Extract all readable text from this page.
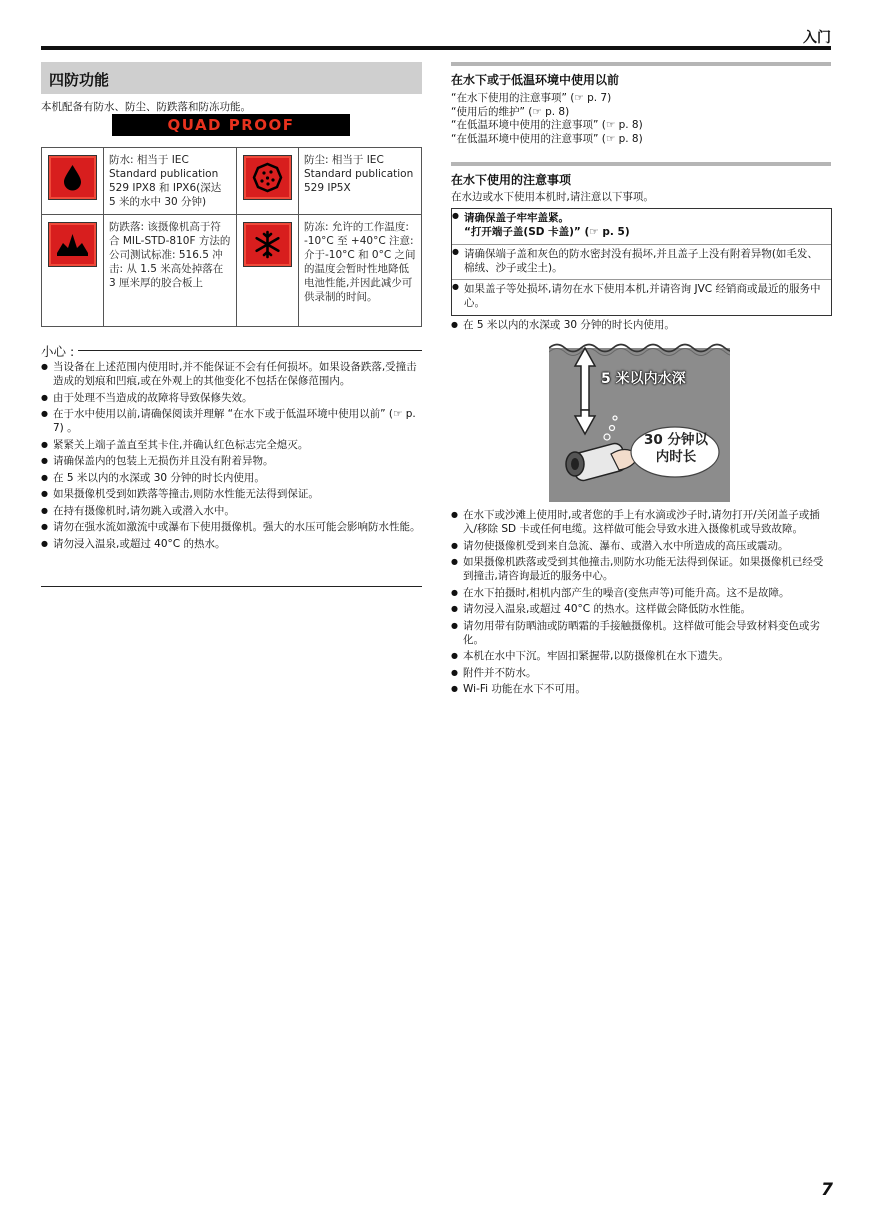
入门
四防功能
本机配备有防水、防尘、防跌落和防冻功能。
QUAD PROOF
	防水: 相当于 IEC Standard publication 529 IPX8 和 IPX6(深达 5 米的水中 30 分钟)		防尘: 相当于 IEC Standard publication 529 IP5X

	防跌落: 该摄像机高于符合 MIL-STD-810F 方法的公司测试标准: 516.5 冲击: 从 1.5 米高处掉落在 3 厘米厚的胶合板上		防冻: 允许的工作温度: -10°C 至 +40°C 注意: 介于-10°C 和 0°C 之间的温度会暂时性地降低电池性能,并因此减少可供录制的时间。
小心 :
● 当设备在上述范围内使用时,并不能保证不会有任何损坏。如果设备跌落,受撞击造成的划痕和凹痕,或在外观上的其他变化不包括在保修范围内。
● 由于处理不当造成的故障将导致保修失效。
● 在于水中使用以前,请确保阅读并理解 “在水下或于低温环境中使用以前” (☞ p. 7) 。
● 紧紧关上端子盖直至其卡住,并确认红色标志完全熄灭。
● 请确保盖内的包装上无损伤并且没有附着异物。
● 在 5 米以内的水深或 30 分钟的时长内使用。
● 如果摄像机受到如跌落等撞击,则防水性能无法得到保证。
● 在持有摄像机时,请勿跳入或潜入水中。
● 请勿在强水流如激流中或瀑布下使用摄像机。强大的水压可能会影响防水性能。
● 请勿浸入温泉,或超过 40°C 的热水。
在水下或于低温环境中使用以前
“在水下使用的注意事项” (☞ p. 7)
“使用后的维护” (☞ p. 8)
“在低温环境中使用的注意事项” (☞ p. 8)
“在低温环境中使用的注意事项” (☞ p. 8)
在水下使用的注意事项
在水边或水下使用本机时,请注意以下事项。
● 请确保盖子牢牢盖紧。
“打开端子盖(SD 卡盖)” (☞ p. 5)
● 请确保端子盖和灰色的防水密封没有损坏,并且盖子上没有附着异物(如毛发、棉绒、沙子或尘土)。
● 如果盖子等处损坏,请勿在水下使用本机,并请咨询 JVC 经销商或最近的服务中心。
● 在 5 米以内的水深或 30 分钟的时长内使用。
5 米以内水深
30 分钟以
内时长
● 在水下或沙滩上使用时,或者您的手上有水滴或沙子时,请勿打开/关闭盖子或插入/移除 SD 卡或任何电缆。这样做可能会导致水进入摄像机或导致故障。
● 请勿使摄像机受到来自急流、瀑布、或潜入水中所造成的高压或震动。
● 如果摄像机跌落或受到其他撞击,则防水功能无法得到保证。如果摄像机已经受到撞击,请咨询最近的服务中心。
● 在水下拍摄时,相机内部产生的噪音(变焦声等)可能升高。这不是故障。
● 请勿浸入温泉,或超过 40°C 的热水。这样做会降低防水性能。
● 请勿用带有防晒油或防晒霜的手接触摄像机。这样做可能会导致材料变色或劣化。
● 本机在水中下沉。牢固扣紧握带,以防摄像机在水下遗失。
● 附件并不防水。
● Wi-Fi 功能在水下不可用。
7
